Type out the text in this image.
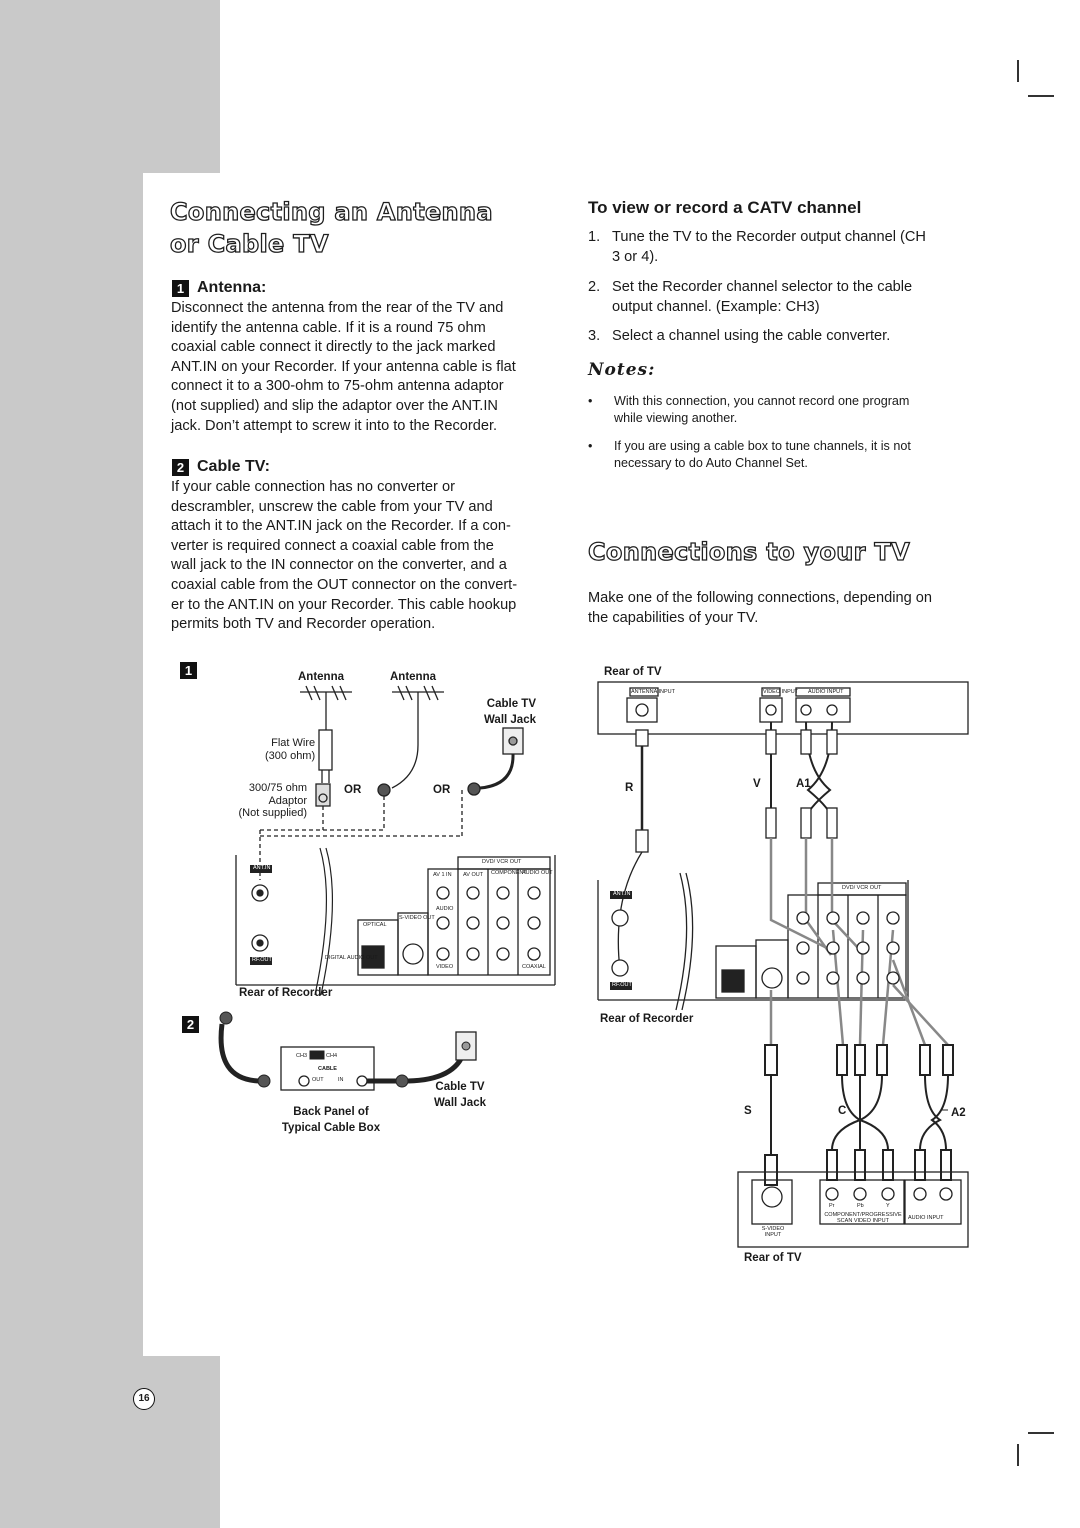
Connecting an Antenna
or Cable TV
1 Antenna:
Disconnect the antenna from the rear of the TV and
identify the antenna cable. If it is a round 75 ohm
coaxial cable connect it directly to the jack marked
ANT.IN on your Recorder. If your antenna cable is flat
connect it to a 300-ohm to 75-ohm antenna adaptor
(not supplied) and slip the adaptor over the ANT.IN
jack. Don’t attempt to screw it into to the Recorder.
2 Cable TV:
If your cable connection has no converter or
descrambler, unscrew the cable from your TV and
attach it to the ANT.IN jack on the Recorder. If a con-
verter is required connect a coaxial cable from the
wall jack to the IN connector on the converter, and a
coaxial cable from the OUT connector on the convert-
er to the ANT.IN on your Recorder. This cable hookup
permits both TV and Recorder operation.
To view or record a CATV channel
1. Tune the TV to the Recorder output channel (CH
3 or 4).
2. Set the Recorder channel selector to the cable
output channel. (Example: CH3)
3. Select a channel using the cable converter.
Notes:
•	With this connection, you cannot record one program
while viewing another.
•	If you are using a cable box to tune channels, it is not
necessary to do Auto Channel Set.
Connections to your TV
Make one of the following connections, depending on
the capabilities of your TV.
1
2
Antenna	Antenna
Cable TV
Wall Jack
Flat Wire
(300 ohm)
300/75 ohm
Adaptor
(Not supplied)
OR	OR
ANT.IN
RF.OUT
DVD/ VCR OUT
AV 1 IN AV OUT COMPONENT
AUDIO OUT
OPTICAL
S-VIDEO OUT
DIGITAL AUDIO OUT
VIDEO	COAXIAL
AUDIO
CH3	CH4
CABLE
OUT	IN
Rear of Recorder
Back Panel of
Typical Cable Box
Cable TV
Wall Jack
Rear of TV
R	V	A1
Rear of Recorder
S	C	A2
Rear of TV
ANTENNA INPUT	VIDEO INPUT AUDIO INPUT
DVD/ VCR OUT
ANT.IN
RF.OUT
S-VIDEO INPUT
COMPONENT/PROGRESSIVE SCAN VIDEO INPUT	AUDIO INPUT
Pr	Pb	Y
16
